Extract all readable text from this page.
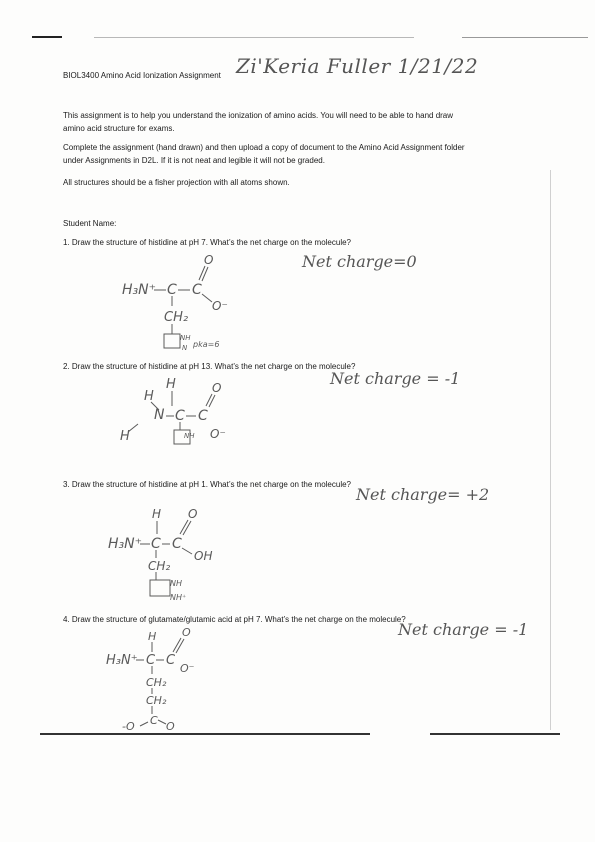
BIOL3400 Amino Acid Ionization Assignment Zi'Keria Fuller 1/21/22
This assignment is to help you understand the ionization of amino acids. You will need to be able to hand draw
amino acid structure for exams.
Complete the assignment (hand drawn) and then upload a copy of document to the Amino Acid Assignment folder
under Assignments in D2L. If it is not neat and legible it will not be graded.
All structures should be a fisher projection with all atoms shown.
Student Name:
1. Draw the structure of histidine at pH 7. What’s the net charge on the molecule?
Net charge=0
H₃N⁺ C C
O
O⁻
CH₂
NH
N pka=6
2. Draw the structure of histidine at pH 13. What’s the net charge on the molecule?
Net charge = -1
H
H
N
H
C C
O
O⁻
NH
3. Draw the structure of histidine at pH 1. What’s the net charge on the molecule?
Net charge= +2
H₃N⁺
H
C C
O
OH
CH₂
NH
NH⁺
4. Draw the structure of glutamate/glutamic acid at pH 7. What’s the net charge on the molecule?
Net charge = -1
H₃N⁺
H
C C
O
O⁻
CH₂
CH₂
C O
-O
